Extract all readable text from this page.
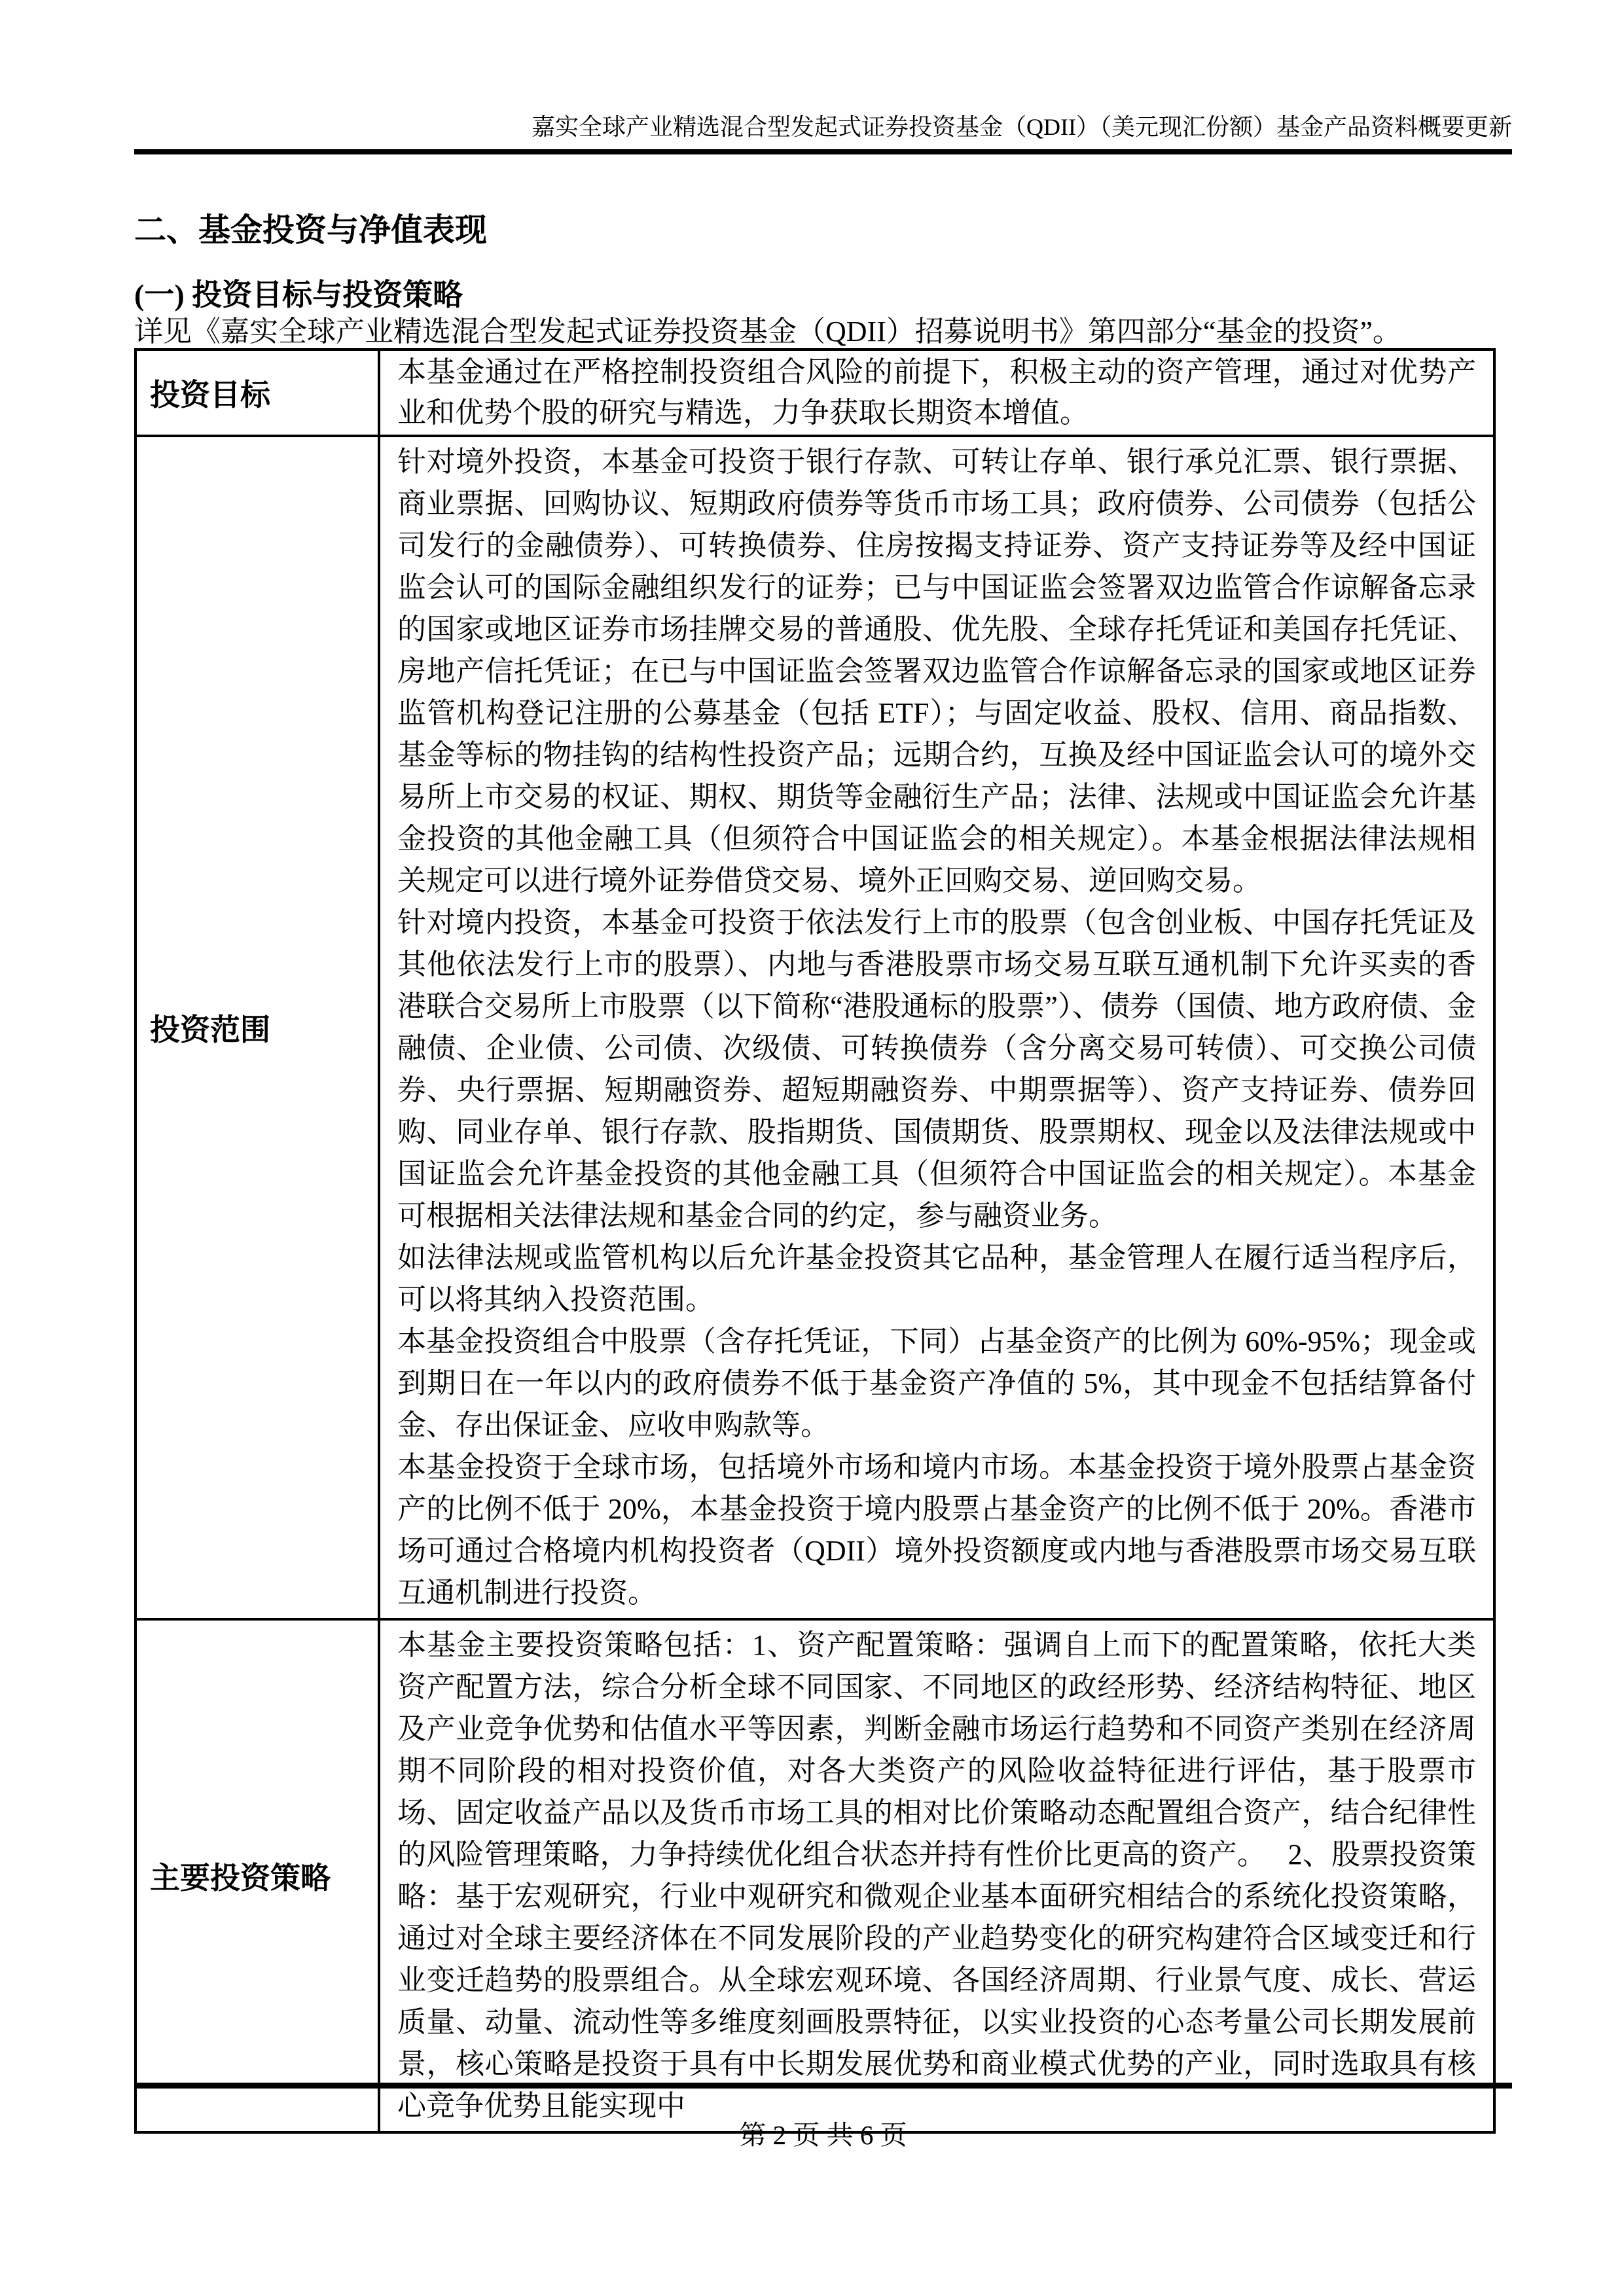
嘉实全球产业精选混合型发起式证券投资基金（QDII）（美元现汇份额）基金产品资料概要更新
二、基金投资与净值表现
(一) 投资目标与投资策略

详见《嘉实全球产业精选混合型发起式证券投资基金（QDII）招募说明书》第四部分“基金的投资”。

投资目标	本基金通过在严格控制投资组合风险的前提下，积极主动的资产管理，通过对优势产业和优势个股的研究与精选，力争获取长期资本增值。

投资范围	针对境外投资，本基金可投资于银行存款、可转让存单、银行承兑汇票、银行票据、商业票据、回购协议、短期政府债券等货币市场工具；政府债券、公司债券（包括公司发行的金融债券）、可转换债券、住房按揭支持证券、资产支持证券等及经中国证监会认可的国际金融组织发行的证券；已与中国证监会签署双边监管合作谅解备忘录的国家或地区证券市场挂牌交易的普通股、优先股、全球存托凭证和美国存托凭证、房地产信托凭证；在已与中国证监会签署双边监管合作谅解备忘录的国家或地区证券监管机构登记注册的公募基金（包括 ETF）；与固定收益、股权、信用、商品指数、基金等标的物挂钩的结构性投资产品；远期合约，互换及经中国证监会认可的境外交易所上市交易的权证、期权、期货等金融衍生产品；法律、法规或中国证监会允许基金投资的其他金融工具（但须符合中国证监会的相关规定）。本基金根据法律法规相关规定可以进行境外证券借贷交易、境外正回购交易、逆回购交易。

针对境内投资，本基金可投资于依法发行上市的股票（包含创业板、中国存托凭证及其他依法发行上市的股票）、内地与香港股票市场交易互联互通机制下允许买卖的香港联合交易所上市股票（以下简称“港股通标的股票”）、债券（国债、地方政府债、金融债、企业债、公司债、次级债、可转换债券（含分离交易可转债）、可交换公司债券、央行票据、短期融资券、超短期融资券、中期票据等）、资产支持证券、债券回购、同业存单、银行存款、股指期货、国债期货、股票期权、现金以及法律法规或中国证监会允许基金投资的其他金融工具（但须符合中国证监会的相关规定）。本基金可根据相关法律法规和基金合同的约定，参与融资业务。

如法律法规或监管机构以后允许基金投资其它品种，基金管理人在履行适当程序后，可以将其纳入投资范围。

本基金投资组合中股票（含存托凭证，下同）占基金资产的比例为 60%-95%；现金或到期日在一年以内的政府债券不低于基金资产净值的 5%，其中现金不包括结算备付金、存出保证金、应收申购款等。

本基金投资于全球市场，包括境外市场和境内市场。本基金投资于境外股票占基金资产的比例不低于 20%，本基金投资于境内股票占基金资产的比例不低于 20%。香港市场可通过合格境内机构投资者（QDII）境外投资额度或内地与香港股票市场交易互联互通机制进行投资。

主要投资策略	本基金主要投资策略包括：1、资产配置策略：强调自上而下的配置策略，依托大类资产配置方法，综合分析全球不同国家、不同地区的政经形势、经济结构特征、地区及产业竞争优势和估值水平等因素，判断金融市场运行趋势和不同资产类别在经济周期不同阶段的相对投资价值，对各大类资产的风险收益特征进行评估，基于股票市场、固定收益产品以及货币市场工具的相对比价策略动态配置组合资产，结合纪律性的风险管理策略，力争持续优化组合状态并持有性价比更高的资产。　 2、股票投资策略：基于宏观研究，行业中观研究和微观企业基本面研究相结合的系统化投资策略，通过对全球主要经济体在不同发展阶段的产业趋势变化的研究构建符合区域变迁和行业变迁趋势的股票组合。从全球宏观环境、各国经济周期、行业景气度、成长、营运质量、动量、流动性等多维度刻画股票特征，以实业投资的心态考量公司长期发展前景，核心策略是投资于具有中长期发展优势和商业模式优势的产业，同时选取具有核心竞争优势且能实现中

第 2 页 共 6 页
